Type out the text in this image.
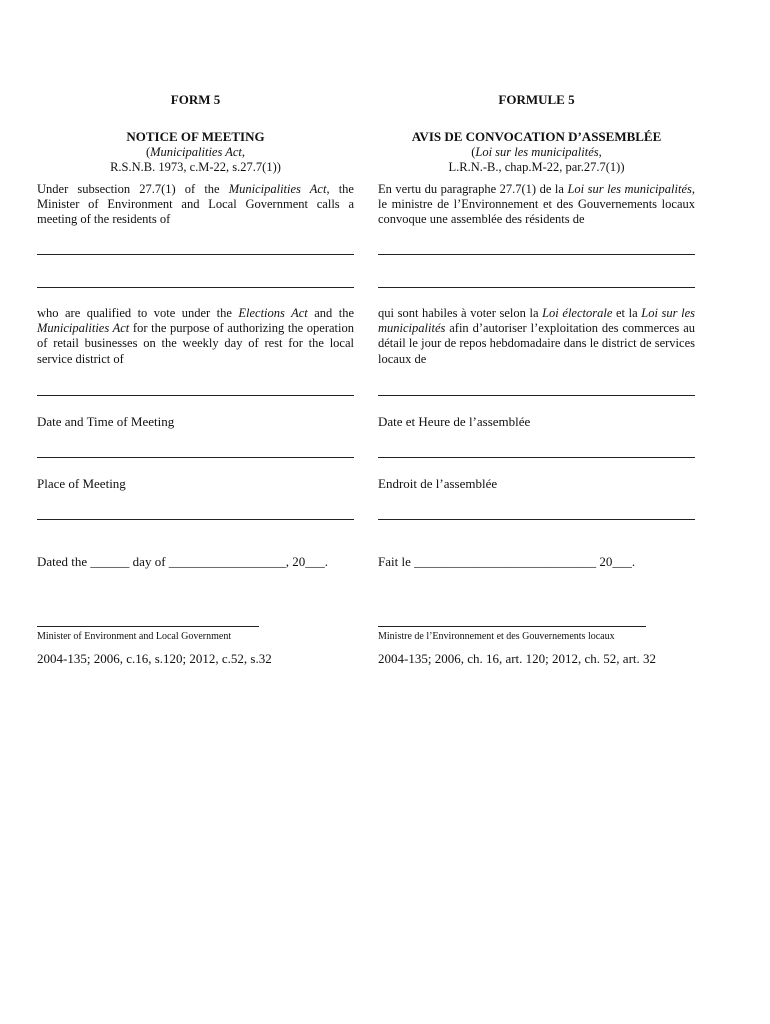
FORM 5
NOTICE OF MEETING
(Municipalities Act,
R.S.N.B. 1973, c.M-22, s.27.7(1))

Under subsection 27.7(1) of the Municipalities Act, the Minister of Environment and Local Government calls a meeting of the residents of

who are qualified to vote under the Elections Act and the Municipalities Act for the purpose of authorizing the operation of retail businesses on the weekly day of rest for the local service district of

Date and Time of Meeting
Place of Meeting
Dated the ______ day of __________________, 20___.
Minister of Environment and Local Government
2004-135; 2006, c.16, s.120; 2012, c.52, s.32
FORMULE 5
AVIS DE CONVOCATION D’ASSEMBLÉE
(Loi sur les municipalités,
L.R.N.-B., chap.M-22, par.27.7(1))

En vertu du paragraphe 27.7(1) de la Loi sur les municipalités, le ministre de l’Environnement et des Gouvernements locaux convoque une assemblée des résidents de

qui sont habiles à voter selon la Loi électorale et la Loi sur les municipalités afin d’autoriser l’exploitation des commerces au détail le jour de repos hebdomadaire dans le district de services locaux de

Date et Heure de l’assemblée
Endroit de l’assemblée
Fait le ____________________________ 20___.
Ministre de l’Environnement et des Gouvernements locaux
2004-135; 2006, ch. 16, art. 120; 2012, ch. 52, art. 32
